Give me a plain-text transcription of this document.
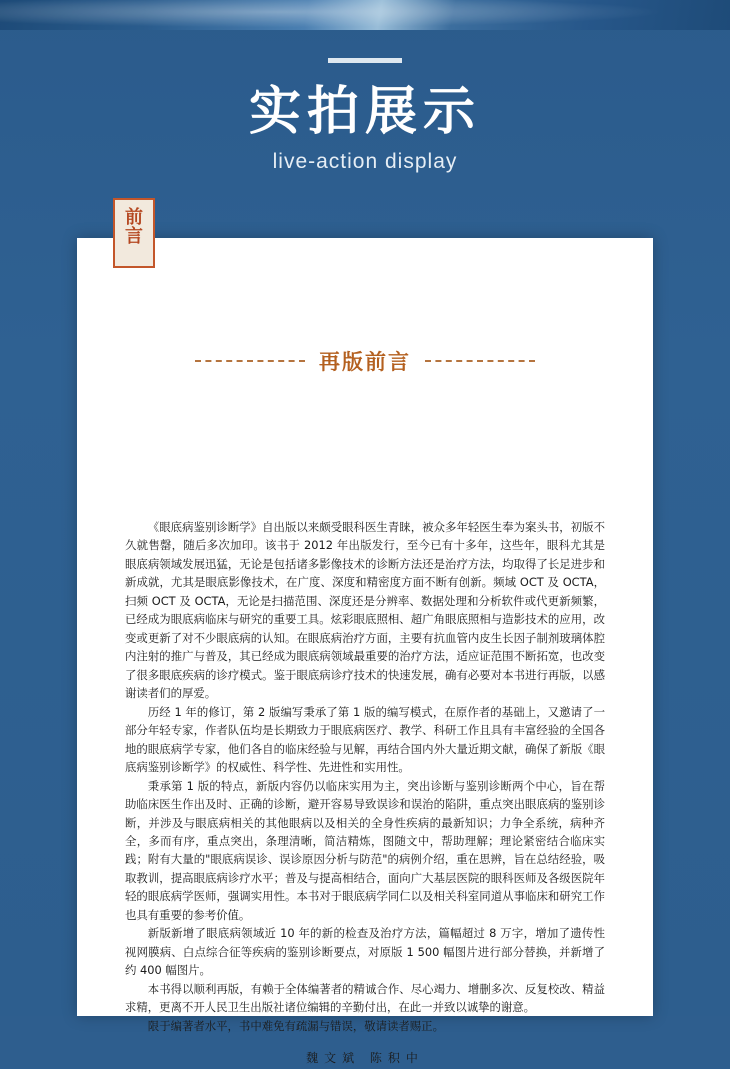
实拍展示
live-action display
前
言
再版前言

《眼底病鉴别诊断学》自出版以来颇受眼科医生青睐，被众多年轻医生奉为案头书，初版不久就售罄，随后多次加印。该书于 2012 年出版发行，至今已有十多年，这些年，眼科尤其是眼底病领域发展迅猛，无论是包括诸多影像技术的诊断方法还是治疗方法，均取得了长足进步和新成就，尤其是眼底影像技术，在广度、深度和精密度方面不断有创新。频域 OCT 及 OCTA，扫频 OCT 及 OCTA，无论是扫描范围、深度还是分辨率、数据处理和分析软件或代更新频繁，已经成为眼底病临床与研究的重要工具。炫彩眼底照相、超广角眼底照相与造影技术的应用，改变或更新了对不少眼底病的认知。在眼底病治疗方面，主要有抗血管内皮生长因子制剂玻璃体腔内注射的推广与普及，其已经成为眼底病领域最重要的治疗方法，适应证范围不断拓宽，也改变了很多眼底疾病的诊疗模式。鉴于眼底病诊疗技术的快速发展，确有必要对本书进行再版，以感谢读者们的厚爱。

历经 1 年的修订，第 2 版编写秉承了第 1 版的编写模式，在原作者的基础上，又邀请了一部分年轻专家，作者队伍均是长期致力于眼底病医疗、教学、科研工作且具有丰富经验的全国各地的眼底病学专家，他们各自的临床经验与见解，再结合国内外大量近期文献，确保了新版《眼底病鉴别诊断学》的权威性、科学性、先进性和实用性。

秉承第 1 版的特点，新版内容仍以临床实用为主，突出诊断与鉴别诊断两个中心，旨在帮助临床医生作出及时、正确的诊断，避开容易导致误诊和误治的陷阱，重点突出眼底病的鉴别诊断，并涉及与眼底病相关的其他眼病以及相关的全身性疾病的最新知识；力争全系统，病种齐全，多而有序，重点突出，条理清晰，简洁精炼，图随文中，帮助理解；理论紧密结合临床实践；附有大量的"眼底病误诊、误诊原因分析与防范"的病例介绍，重在思辨，旨在总结经验，吸取教训，提高眼底病诊疗水平；普及与提高相结合，面向广大基层医院的眼科医师及各级医院年轻的眼底病学医师，强调实用性。本书对于眼底病学同仁以及相关科室同道从事临床和研究工作也具有重要的参考价值。

新版新增了眼底病领域近 10 年的新的检查及治疗方法，篇幅超过 8 万字，增加了遗传性视网膜病、白点综合征等疾病的鉴别诊断要点，对原版 1 500 幅图片进行部分替换，并新增了约 400 幅图片。

本书得以顺利再版，有赖于全体编著者的精诚合作、尽心竭力、增删多次、反复校改、精益求精，更离不开人民卫生出版社诸位编辑的辛勤付出，在此一并致以诚挚的谢意。

限于编著者水平，书中难免有疏漏与错误，敬请读者赐正。

魏文斌 陈积中
